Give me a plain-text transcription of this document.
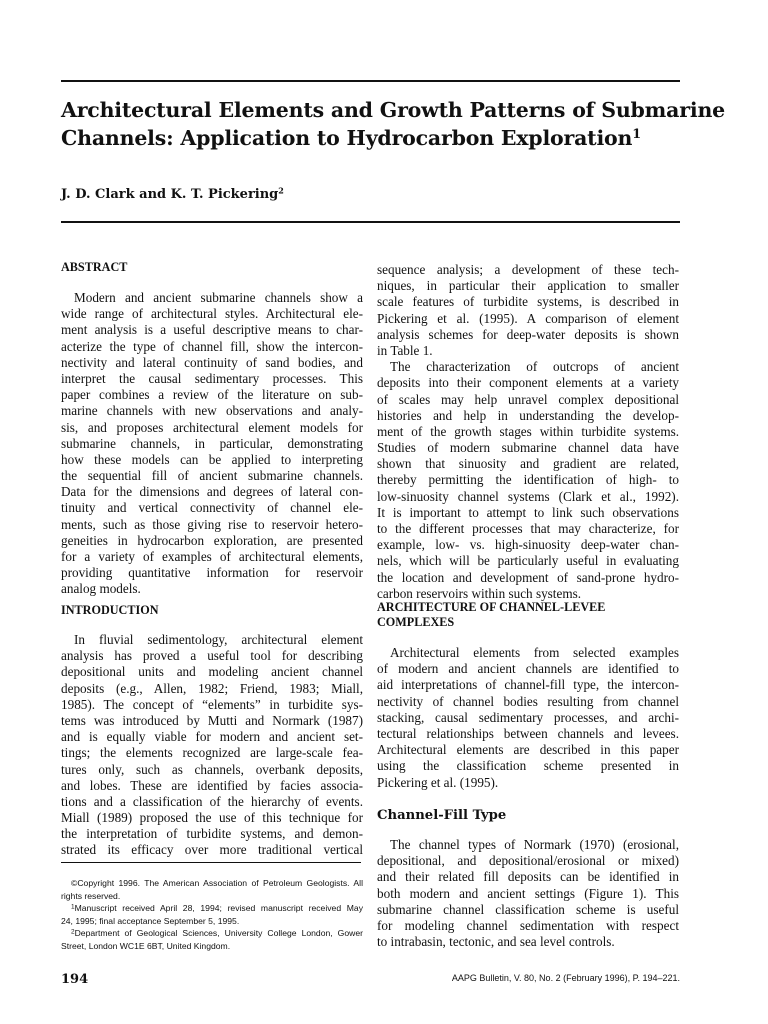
Architectural Elements and Growth Patterns of Submarine
Channels: Application to Hydrocarbon Exploration$^1$
J. D. Clark and K. T. Pickering$^2$
ABSTRACT
Modern and ancient submarine channels show a
wide range of architectural styles. Architectural ele-
ment analysis is a useful descriptive means to char-
acterize the type of channel fill, show the intercon-
nectivity and lateral continuity of sand bodies, and
interpret the causal sedimentary processes. This
paper combines a review of the literature on sub-
marine channels with new observations and analy-
sis, and proposes architectural element models for
submarine channels, in particular, demonstrating
how these models can be applied to interpreting
the sequential fill of ancient submarine channels.
Data for the dimensions and degrees of lateral con-
tinuity and vertical connectivity of channel ele-
ments, such as those giving rise to reservoir hetero-
geneities in hydrocarbon exploration, are presented
for a variety of examples of architectural elements,
providing quantitative information for reservoir
analog models.
INTRODUCTION
In fluvial sedimentology, architectural element
analysis has proved a useful tool for describing
depositional units and modeling ancient channel
deposits (e.g., Allen, 1982; Friend, 1983; Miall,
1985). The concept of “elements” in turbidite sys-
tems was introduced by Mutti and Normark (1987)
and is equally viable for modern and ancient set-
tings; the elements recognized are large-scale fea-
tures only, such as channels, overbank deposits,
and lobes. These are identified by facies associa-
tions and a classification of the hierarchy of events.
Miall (1989) proposed the use of this technique for
the interpretation of turbidite systems, and demon-
strated its efficacy over more traditional vertical
©Copyright 1996. The American Association of Petroleum Geologists. All
rights reserved.
$^1$Manuscript received April 28, 1994; revised manuscript received May
24, 1995; final acceptance September 5, 1995.
$^2$Department of Geological Sciences, University College London, Gower
Street, London WC1E 6BT, United Kingdom.
sequence analysis; a development of these tech-
niques, in particular their application to smaller
scale features of turbidite systems, is described in
Pickering et al. (1995). A comparison of element
analysis schemes for deep-water deposits is shown
in Table 1.
The characterization of outcrops of ancient
deposits into their component elements at a variety
of scales may help unravel complex depositional
histories and help in understanding the develop-
ment of the growth stages within turbidite systems.
Studies of modern submarine channel data have
shown that sinuosity and gradient are related,
thereby permitting the identification of high- to
low-sinuosity channel systems (Clark et al., 1992).
It is important to attempt to link such observations
to the different processes that may characterize, for
example, low- vs. high-sinuosity deep-water chan-
nels, which will be particularly useful in evaluating
the location and development of sand-prone hydro-
carbon reservoirs within such systems.
ARCHITECTURE OF CHANNEL-LEVEE
COMPLEXES
Architectural elements from selected examples
of modern and ancient channels are identified to
aid interpretations of channel-fill type, the intercon-
nectivity of channel bodies resulting from channel
stacking, causal sedimentary processes, and archi-
tectural relationships between channels and levees.
Architectural elements are described in this paper
using the classification scheme presented in
Pickering et al. (1995).
Channel-Fill Type
The channel types of Normark (1970) (erosional,
depositional, and depositional/erosional or mixed)
and their related fill deposits can be identified in
both modern and ancient settings (Figure 1). This
submarine channel classification scheme is useful
for modeling channel sedimentation with respect
to intrabasin, tectonic, and sea level controls.
194	AAPG Bulletin, V. 80, No. 2 (February 1996), P. 194–221.
